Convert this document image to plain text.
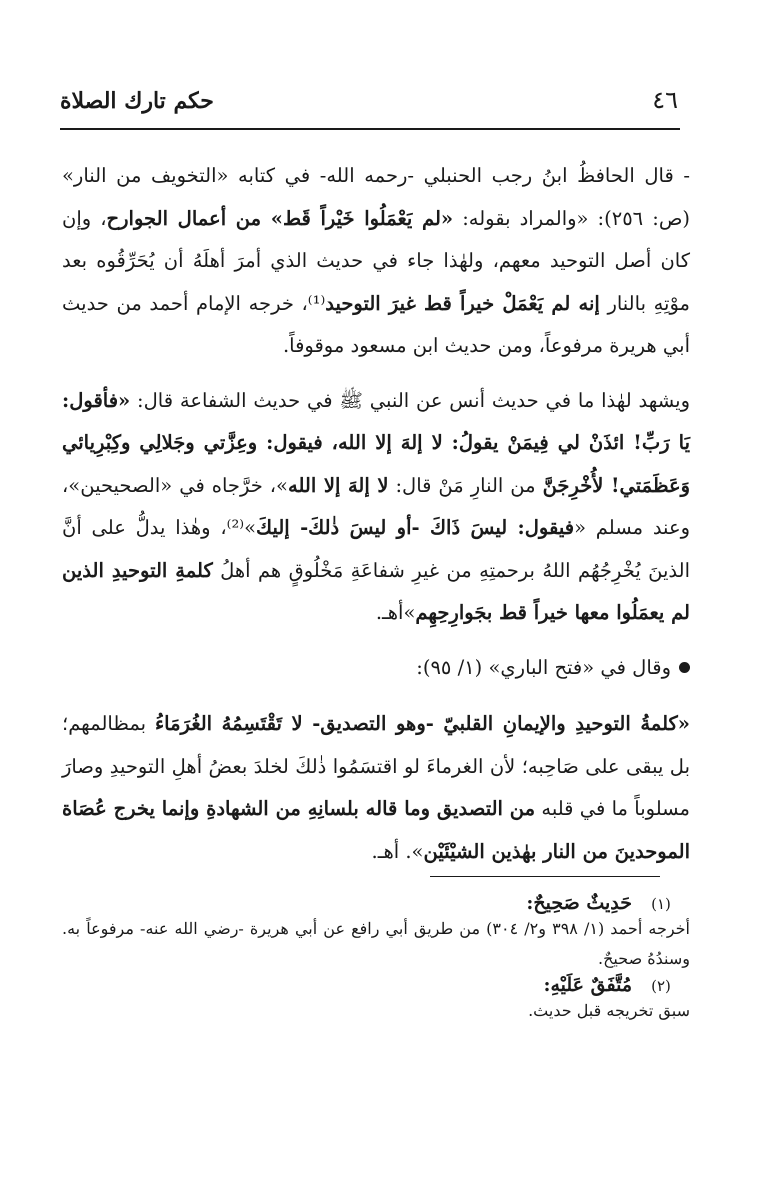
حكم تارك الصلاة	٤٦

- قال الحافظُ ابنُ رجب الحنبلي -رحمه الله- في كتابه «التخويف من النار» (ص: ٢٥٦): «والمراد بقوله: «لم يَعْمَلُوا خَيْراً قَط» من أعمال الجوارح، وإن كان أصل التوحيد معهم، ولهٰذا جاء في حديث الذي أمرَ أهلَهُ أن يُحَرِّقُوه بعد موْتِهِ بالنار إنه لم يَعْمَلْ خيراً قط غيرَ التوحيد⁽¹⁾، خرجه الإمام أحمد من حديث أبي هريرة مرفوعاً، ومن حديث ابن مسعود موقوفاً.

ويشهد لهٰذا ما في حديث أنس عن النبي ﷺ في حديث الشفاعة قال: «فأقول: يَا رَبِّ! ائذَنْ لي فِيمَنْ يقولُ: لا إلهَ إلا الله، فيقول: وعِزَّتي وجَلالِي وكِبْرِيائي وَعَظَمَتي! لأُخْرِجَنَّ من النارِ مَنْ قال: لا إلهَ إلا الله»، خرَّجاه في «الصحيحين»، وعند مسلم «فيقول: ليسَ ذَاكَ -أو ليسَ ذٰلكَ- إليكَ»⁽²⁾، وهٰذا يدلُّ على أنَّ الذينَ يُخْرِجُهُم اللهُ برحمتِهِ من غيرِ شفاعَةِ مَخْلُوقٍ هم أهلُ كلمةِ التوحيدِ الذين لم يعمَلُوا معها خيراً قط بجَوارِحِهِم»أهـ.

وقال في «فتح الباري» (١/ ٩٥):

«كلمةُ التوحيدِ والإيمانِ القلبيّ -وهو التصديق- لا تَقْتَسِمُهُ الغُرَمَاءُ بمظالمهم؛ بل يبقى على صَاحِبه؛ لأن الغرماءَ لو اقتسَمُوا ذٰلكَ لخلدَ بعضُ أهلِ التوحيدِ وصارَ مسلوباً ما في قلبه من التصديق وما قاله بلسانِهِ من الشهادةِ وإنما يخرج عُصَاة الموحدينَ من النار بهٰذين الشيْئَيْن». أهـ.

(١)
حَدِيثٌ صَحِيحٌ:

أخرجه أحمد (١/ ٣٩٨ و٢/ ٣٠٤) من طريق أبي رافع عن أبي هريرة -رضي الله عنه- مرفوعاً به. وسندُهُ صحيحٌ.

(٢)
مُتَّفَقٌ عَلَيْهِ:

سبق تخريجه قبل حديث.
